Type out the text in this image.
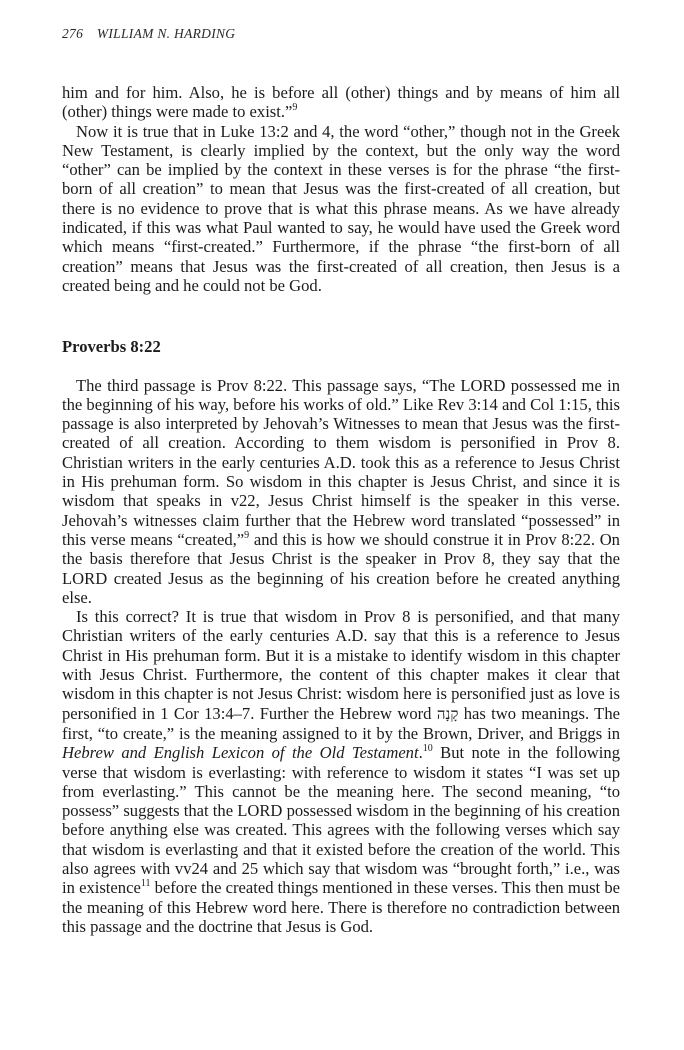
276 WILLIAM N. HARDING

him and for him. Also, he is before all (other) things and by means of him all (other) things were made to exist.”$^9$

Now it is true that in Luke 13:2 and 4, the word “other,” though not in the Greek New Testament, is clearly implied by the context, but the only way the word “other” can be implied by the context in these verses is for the phrase “the first-born of all creation” to mean that Jesus was the first-created of all creation, but there is no evidence to prove that is what this phrase means. As we have already indicated, if this was what Paul wanted to say, he would have used the Greek word which means “first-created.” Furthermore, if the phrase “the first-born of all creation” means that Jesus was the first-created of all creation, then Jesus is a created being and he could not be God.

Proverbs 8:22

The third passage is Prov 8:22. This passage says, “The LORD possessed me in the beginning of his way, before his works of old.” Like Rev 3:14 and Col 1:15, this passage is also interpreted by Jehovah’s Witnesses to mean that Jesus was the first-created of all creation. According to them wisdom is personified in Prov 8. Christian writers in the early centuries A.D. took this as a reference to Jesus Christ in His prehuman form. So wisdom in this chapter is Jesus Christ, and since it is wisdom that speaks in v22, Jesus Christ himself is the speaker in this verse. Jehovah’s witnesses claim further that the Hebrew word translated “possessed” in this verse means “created,”$^9$ and this is how we should construe it in Prov 8:22. On the basis therefore that Jesus Christ is the speaker in Prov 8, they say that the LORD created Jesus as the beginning of his creation before he created anything else.

Is this correct? It is true that wisdom in Prov 8 is personified, and that many Christian writers of the early centuries A.D. say that this is a reference to Jesus Christ in His prehuman form. But it is a mistake to identify wisdom in this chapter with Jesus Christ. Furthermore, the content of this chapter makes it clear that wisdom in this chapter is not Jesus Christ: wisdom here is personified just as love is personified in 1 Cor 13:4–7. Further the Hebrew word קָנָה has two meanings. The first, “to create,” is the meaning assigned to it by the Brown, Driver, and Briggs in Hebrew and English Lexicon of the Old Testament.$^{10}$ But note in the following verse that wisdom is everlasting: with reference to wisdom it states “I was set up from everlasting.” This cannot be the meaning here. The second meaning, “to possess” suggests that the LORD possessed wisdom in the beginning of his creation before anything else was created. This agrees with the following verses which say that wisdom is everlasting and that it existed before the creation of the world. This also agrees with vv24 and 25 which say that wisdom was “brought forth,” i.e., was in existence$^{11}$ before the created things mentioned in these verses. This then must be the meaning of this Hebrew word here. There is therefore no contradiction between this passage and the doctrine that Jesus is God.
